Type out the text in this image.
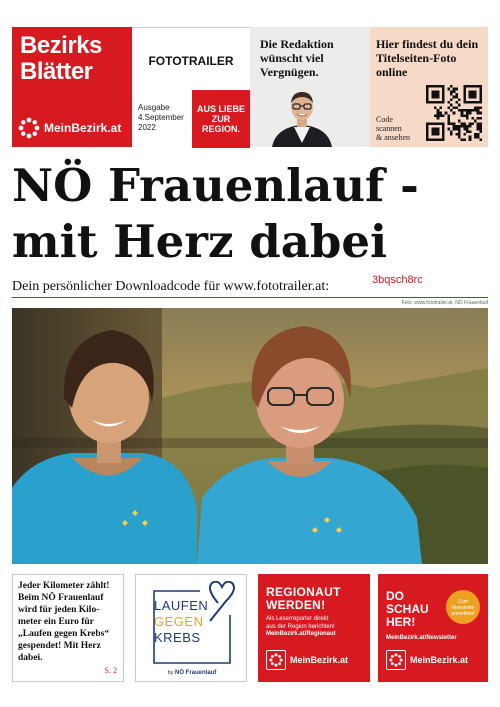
Bezirks
Blätter
MeinBezirk.at
FOTOTRAILER
Ausgabe
4.September
2022
AUS LIEBE
ZUR
REGION.
Die Redaktion wünscht viel Vergnügen.
Hier findest du dein Titelseiten-Foto online
Code
scannen
& ansehen
NÖ Frauenlauf -
mit Herz dabei
Dein persönlicher Downloadcode für www.fototrailer.at:	3bqsch8rc
Foto: www.fototrailer.at, NÖ Frauenlauf
Jeder Kilometer zählt!
Beim NÖ Frauenlauf
wird für jeden Kilo-
meter ein Euro für
„Laufen gegen Krebs“
gespendet! Mit Herz
dabei.
S. 2
LAUFEN
GEGEN
KREBS
by NÖ Frauenlauf
REGIONAUT
WERDEN!
Als Leserreporter direkt
aus der Region berichten!
MeinBezirk.at/Regionaut
MeinBezirk.at
DO
SCHAU
HER!
Zum
Newsletter
anmelden!
MeinBezirk.at/Newsletter
MeinBezirk.at
